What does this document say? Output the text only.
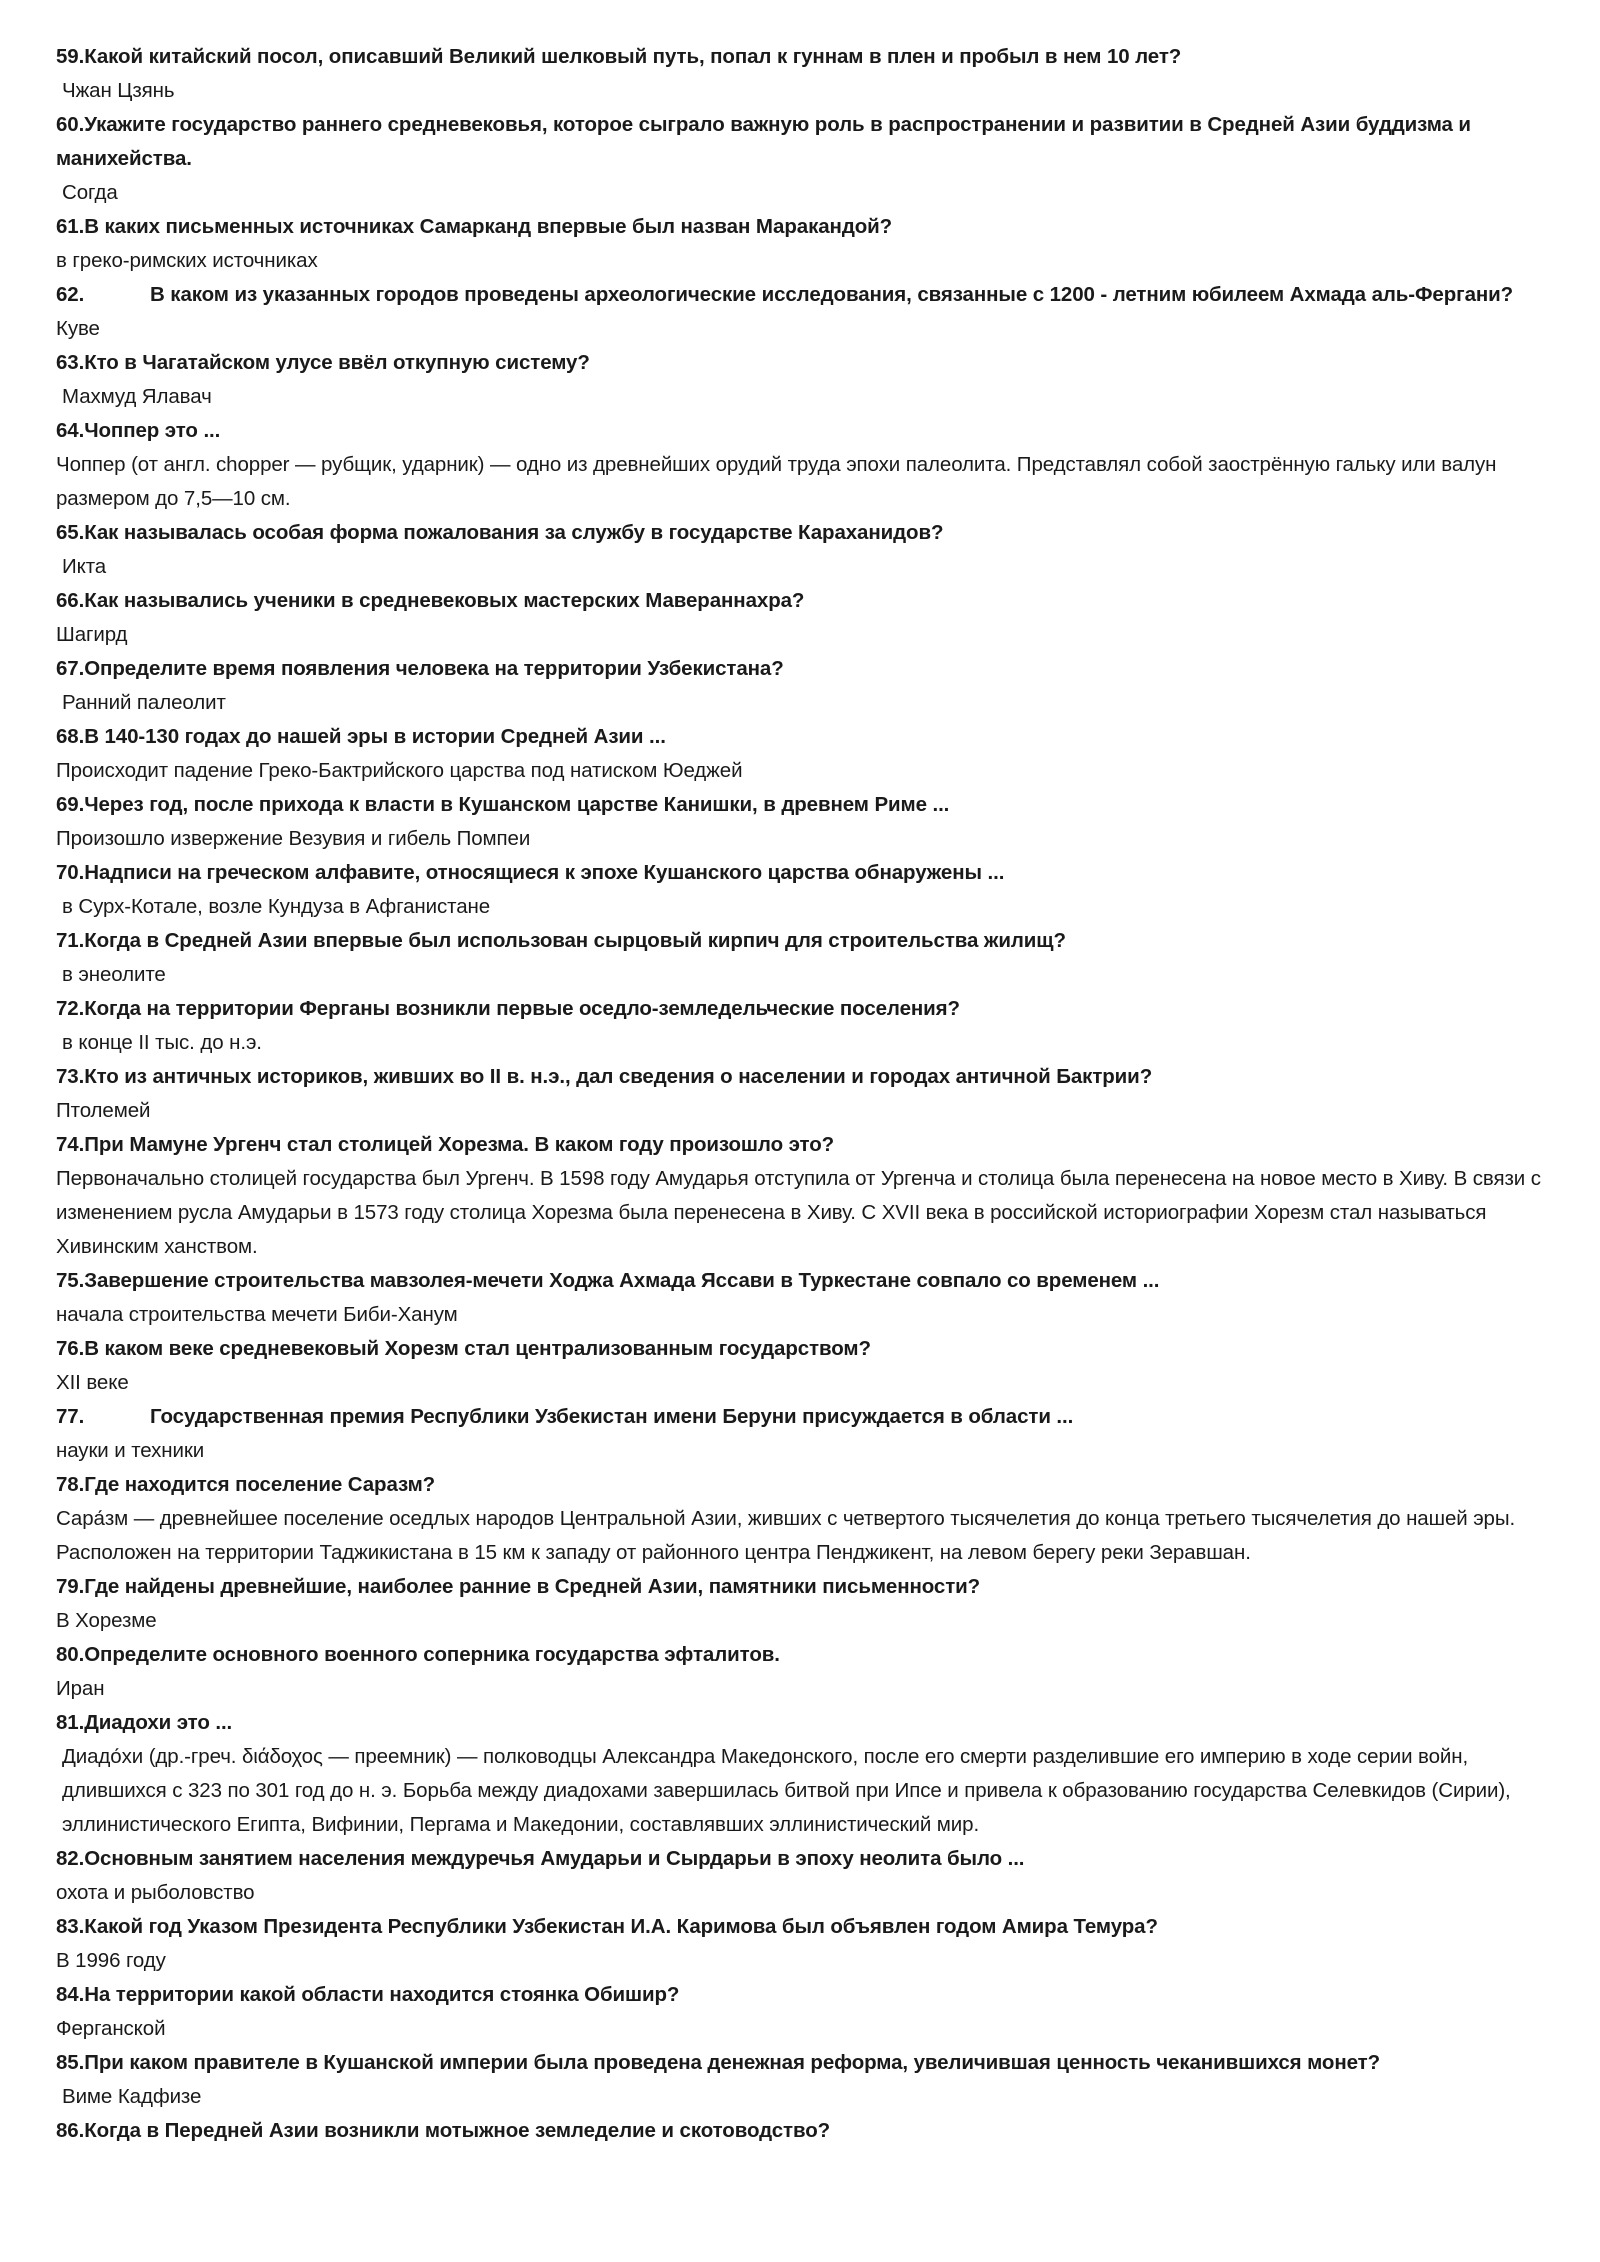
59.Какой китайский посол, описавший Великий шелковый путь, попал к гуннам в плен и пробыл в нем 10 лет?
Чжан Цзянь
60.Укажите государство раннего средневековья, которое сыграло важную роль в распространении и развитии в Средней Азии буддизма и манихейства.
Согда
61.В каких письменных источниках Самарканд впервые был назван Маракандой?
в греко-римских источниках
62.	В каком из указанных городов проведены археологические исследования, связанные с 1200 - летним юбилеем Ахмада аль-Фергани?
Куве
63.Кто в Чагатайском улусе ввёл откупную систему?
Махмуд Ялавач
64.Чоппер это ...
Чоппер (от англ. chopper — рубщик, ударник) — одно из древнейших орудий труда эпохи палеолита. Представлял собой заострённую гальку или валун размером до 7,5—10 см.
65.Как называлась особая форма пожалования за службу в государстве Караханидов?
Икта
66.Как назывались ученики в средневековых мастерских Мавераннахра?
Шагирд
67.Определите время появления человека на территории Узбекистана?
Ранний палеолит
68.В 140-130 годах до нашей эры в истории Средней Азии ...
Происходит падение Греко-Бактрийского царства под натиском Юеджей
69.Через год, после прихода к власти в Кушанском царстве Канишки, в древнем Риме ...
Произошло извержение Везувия и гибель Помпеи
70.Надписи на греческом алфавите, относящиеся к эпохе Кушанского царства обнаружены ...
в Сурх-Котале, возле Кундуза в Афганистане
71.Когда в Средней Азии впервые был использован сырцовый кирпич для строительства жилищ?
в энеолите
72.Когда на территории Ферганы возникли первые оседло-земледельческие поселения?
в конце II тыс. до н.э.
73.Кто из античных историков, живших во II в. н.э., дал сведения о населении и городах античной Бактрии?
Птолемей
74.При Мамуне Ургенч стал столицей Хорезма. В каком году произошло это?
Первоначально столицей государства был Ургенч. В 1598 году Амударья отступила от Ургенча и столица была перенесена на новое место в Хиву. В связи с изменением русла Амударьи в 1573 году столица Хорезма была перенесена в Хиву. С XVII века в российской историографии Хорезм стал называться Хивинским ханством.
75.Завершение строительства мавзолея-мечети Ходжа Ахмада Яссави в Туркестане совпало со временем ...
начала строительства мечети Биби-Ханум
76.В каком веке средневековый Хорезм стал централизованным государством?
XII веке
77.	Государственная премия Республики Узбекистан имени Беруни присуждается в области ...
науки и техники
78.Где находится поселение Саразм?
Сара́зм — древнейшее поселение оседлых народов Центральной Азии, живших с четвертого тысячелетия до конца третьего тысячелетия до нашей эры. Расположен на территории Таджикистана в 15 км к западу от районного центра Пенджикент, на левом берегу реки Зеравшан.
79.Где найдены древнейшие, наиболее ранние в Средней Азии, памятники письменности?
В Хорезме
80.Определите основного военного соперника государства эфталитов.
Иран
81.Диадохи это ...
Диадо́хи (др.-греч. διάδοχος — преемник) — полководцы Александра Македонского, после его смерти разделившие его империю в ходе серии войн, длившихся с 323 по 301 год до н. э. Борьба между диадохами завершилась битвой при Ипсе и привела к образованию государства Селевкидов (Сирии), эллинистического Египта, Вифинии, Пергама и Македонии, составлявших эллинистический мир.
82.Основным занятием населения междуречья Амударьи и Сырдарьи в эпоху неолита было ...
охота и рыболовство
83.Какой год Указом Президента Республики Узбекистан И.А. Каримова был объявлен годом Амира Темура?
В 1996 году
84.На территории какой области находится стоянка Обишир?
Ферганской
85.При каком правителе в Кушанской империи была проведена денежная реформа, увеличившая ценность чеканившихся монет?
Виме Кадфизе
86.Когда в Передней Азии возникли мотыжное земледелие и скотоводство?
